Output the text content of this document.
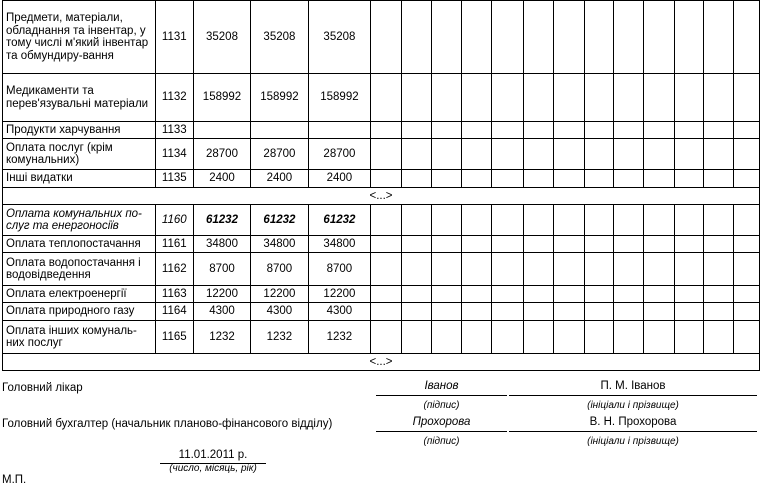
Предмети, матеріали, обладнання та інвентар, у тому числі м'який інвентар та обмундиру-вання	1131	35208	35208	35208													
Медикаменти та перев'язувальні матеріали	1132	158992	158992	158992													
Продукти харчування	1133																
Оплата послуг (крім комунальних)	1134	28700	28700	28700													
Інші видатки	1135	2400	2400	2400													
<...>																	
Оплата комунальних по-слуг та енергоносіїв	1160	61232	61232	61232													
Оплата теплопостачання	1161	34800	34800	34800													
Оплата водопостачання і водовідведення	1162	8700	8700	8700													
Оплата електроенергії	1163	12200	12200	12200													
Оплата природного газу	1164	4300	4300	4300													
Оплата інших комуналь-них послуг	1165	1232	1232	1232													
<...>																	
Головний лікар	Іванов	П. М. Іванов
(підпис)	(ініціали і прізвище)
Головний бухгалтер (начальник планово-фінансового відділу)	Прохорова	В. Н. Прохорова
(підпис)	(ініціали і прізвище)
11.01.2011 р.
(число, місяць, рік)
М.П.
